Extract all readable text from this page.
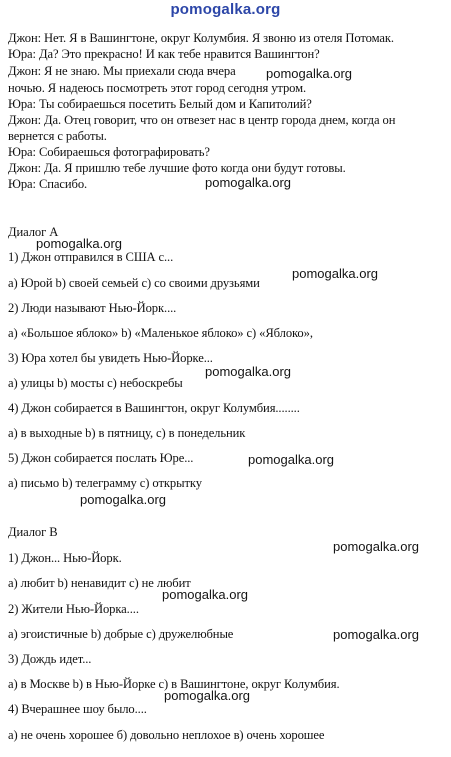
pomogalka.org
Джон: Нет. Я в Вашингтоне, округ Колумбия. Я звоню из отеля Потомак.
Юра: Да? Это прекрасно! И как тебе нравится Вашингтон?
Джон: Я не знаю. Мы приехали сюда вчера
ночью. Я надеюсь посмотреть этот город сегодня утром.
Юра: Ты собираешься посетить Белый дом и Капитолий?
Джон: Да. Отец говорит, что он отвезет нас в центр города днем, когда он
вернется с работы.
Юра: Собираешься фотографировать?
Джон: Да. Я пришлю тебе лучшие фото когда они будут готовы.
Юра: Спасибо.
Диалог А
1) Джон отправился в США с...
a) Юрой b) своей семьей c) со своими друзьями
2) Люди называют Нью-Йорк....
a) «Большое яблоко» b) «Маленькое яблоко» c) «Яблоко»,
3) Юра хотел бы увидеть Нью-Йорке...
a) улицы b) мосты c) небоскребы
4) Джон собирается в Вашингтон, округ Колумбия........
a) в выходные b) в пятницу, c) в понедельник
5) Джон собирается послать Юре...
a) письмо b) телеграмму c) открытку
Диалог В
1) Джон... Нью-Йорк.
a) любит b) ненавидит c) не любит
2) Жители Нью-Йорка....
a) эгоистичные b) добрые c) дружелюбные
3) Дождь идет...
a) в Москве b) в Нью-Йорке c) в Вашингтоне, округ Колумбия.
4) Вчерашнее шоу было....
а) не очень хорошее б) довольно неплохое в) очень хорошее
pomogalka.org
pomogalka.org
pomogalka.org
pomogalka.org
pomogalka.org
pomogalka.org
pomogalka.org
pomogalka.org
pomogalka.org
pomogalka.org
pomogalka.org
